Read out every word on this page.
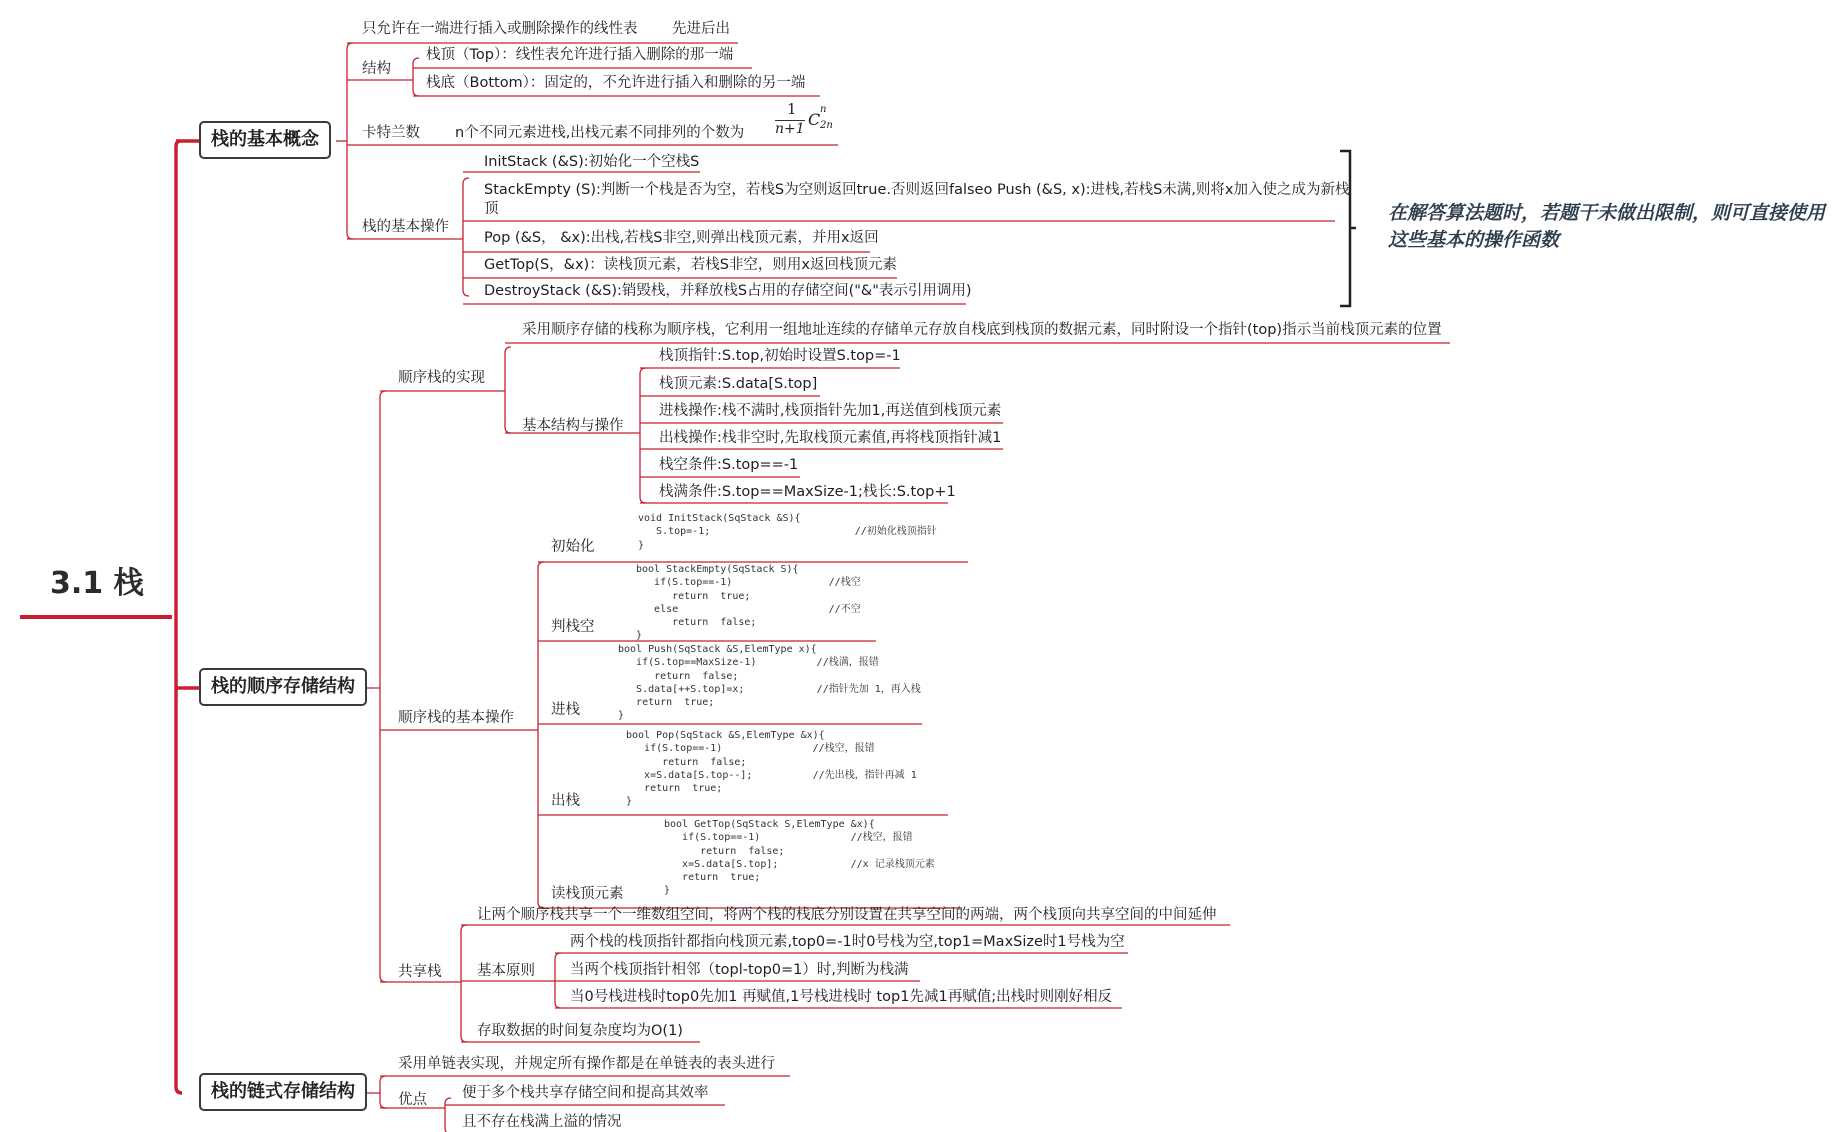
3.1 栈
栈的基本概念
栈的顺序存储结构
栈的链式存储结构
只允许在一端进行插入或删除操作的线性表 先进后出
结构
栈顶（Top）：线性表允许进行插入删除的那一端
栈底（Bottom）：固定的，不允许进行插入和删除的另一端
卡特兰数 n个不同元素进栈,出栈元素不同排列的个数为
1
n+1 C
n
2n
栈的基本操作
InitStack (&S):初始化一个空栈S
StackEmpty (S):判断一个栈是否为空，若栈S为空则返回true.否则返回falseo Push (&S, x):进栈,若栈S未满,则将x加入使之成为新栈
顶
Pop (&S， &x):出栈,若栈S非空,则弹出栈顶元素，并用x返回
GetTop(S，&x)：读栈顶元素，若栈S非空，则用x返回栈顶元素
DestroyStack (&S):销毁栈，并释放栈S占用的存储空间("&"表示引用调用)
在解答算法题时，若题干未做出限制，则可直接使用这些基本的操作函数
顺序栈的实现
采用顺序存储的栈称为顺序栈，它利用一组地址连续的存储单元存放自栈底到栈顶的数据元素，同时附设一个指针(top)指示当前栈顶元素的位置
基本结构与操作
栈顶指针:S.top,初始时设置S.top=-1
栈顶元素:S.data[S.top]
进栈操作:栈不满时,栈顶指针先加1,再送值到栈顶元素
出栈操作:栈非空时,先取栈顶元素值,再将栈顶指针减1
栈空条件:S.top==-1
栈满条件:S.top==MaxSize-1;栈长:S.top+1
顺序栈的基本操作
初始化
判栈空
进栈
出栈
读栈顶元素
void InitStack(SqStack &S){
S.top=-1;                        //初始化栈顶指针
}
bool StackEmpty(SqStack S){
if(S.top==-1)                //栈空
return  true;
else                         //不空
return  false;
}
bool Push(SqStack &S,ElemType x){
if(S.top==MaxSize-1)          //栈满，报错
return  false;
S.data[++S.top]=x;            //指针先加 1，再入栈
return  true;
}
bool Pop(SqStack &S,ElemType &x){
if(S.top==-1)               //栈空，报错
return  false;
x=S.data[S.top--];          //先出栈，指针再减 1
return  true;
}
bool GetTop(SqStack S,ElemType &x){
if(S.top==-1)               //栈空，报错
return  false;
x=S.data[S.top];            //x 记录栈顶元素
return  true;
}
共享栈
让两个顺序栈共享一个一维数组空间，将两个栈的栈底分别设置在共享空间的两端，两个栈顶向共享空间的中间延伸
基本原则
两个栈的栈顶指针都指向栈顶元素,top0=-1时0号栈为空,top1=MaxSize时1号栈为空
当两个栈顶指针相邻（topl-top0=1）时,判断为栈满
当0号栈进栈时top0先加1 再赋值,1号栈进栈时 top1先减1再赋值;出栈时则刚好相反
存取数据的时间复杂度均为O(1)
采用单链表实现，并规定所有操作都是在单链表的表头进行
优点 便于多个栈共享存储空间和提高其效率
且不存在栈满上溢的情况
